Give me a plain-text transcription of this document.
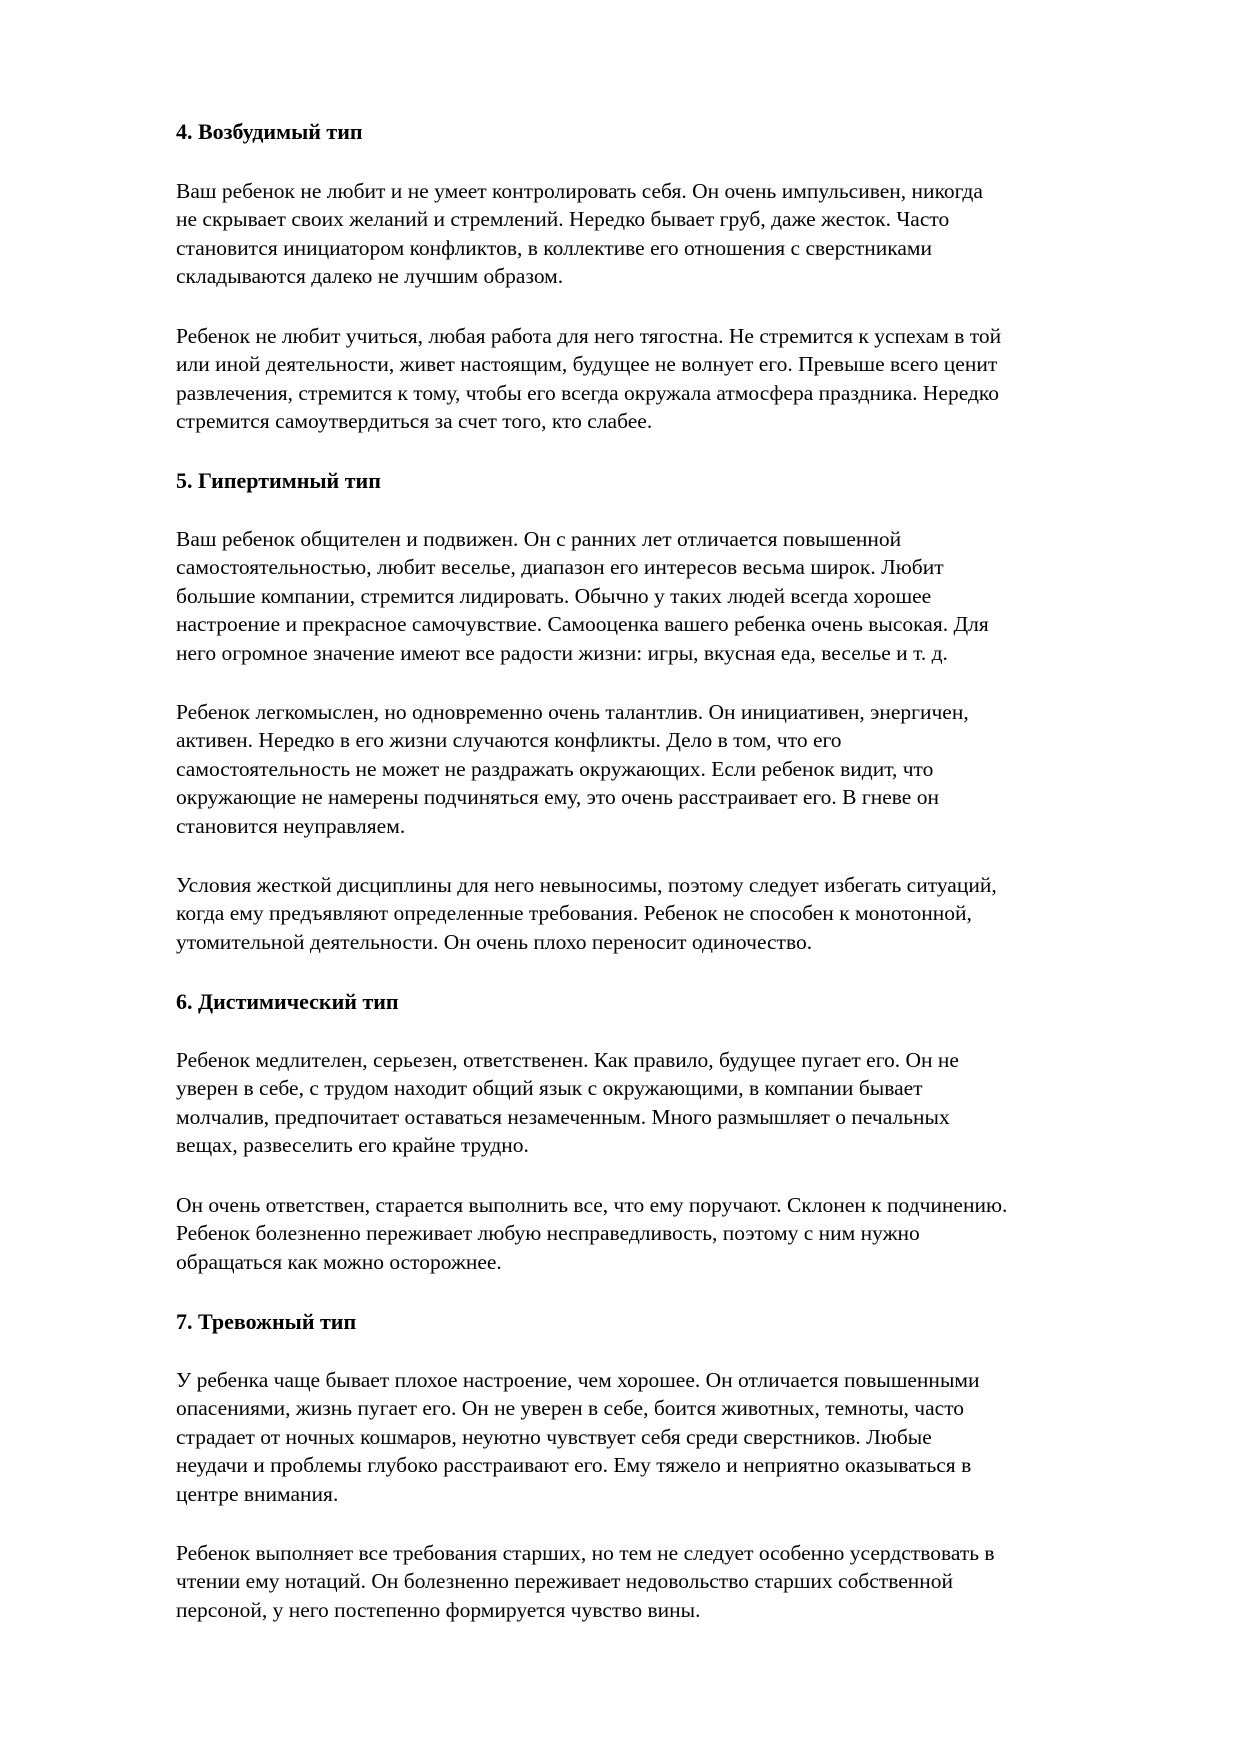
4. Возбудимый тип

Ваш ребенок не любит и не умеет контролировать себя. Он очень импульсивен, никогда
не скрывает своих желаний и стремлений. Нередко бывает груб, даже жесток. Часто
становится инициатором конфликтов, в коллективе его отношения с сверстниками
складываются далеко не лучшим образом.

Ребенок не любит учиться, любая работа для него тягостна. Не стремится к успехам в той
или иной деятельности, живет настоящим, будущее не волнует его. Превыше всего ценит
развлечения, стремится к тому, чтобы его всегда окружала атмосфера праздника. Нередко
стремится самоутвердиться за счет того, кто слабее.

5. Гипертимный тип

Ваш ребенок общителен и подвижен. Он с ранних лет отличается повышенной
самостоятельностью, любит веселье, диапазон его интересов весьма широк. Любит
большие компании, стремится лидировать. Обычно у таких людей всегда хорошее
настроение и прекрасное самочувствие. Самооценка вашего ребенка очень высокая. Для
него огромное значение имеют все радости жизни: игры, вкусная еда, веселье и т. д.

Ребенок легкомыслен, но одновременно очень талантлив. Он инициативен, энергичен,
активен. Нередко в его жизни случаются конфликты. Дело в том, что его
самостоятельность не может не раздражать окружающих. Если ребенок видит, что
окружающие не намерены подчиняться ему, это очень расстраивает его. В гневе он
становится неуправляем.

Условия жесткой дисциплины для него невыносимы, поэтому следует избегать ситуаций,
когда ему предъявляют определенные требования. Ребенок не способен к монотонной,
утомительной деятельности. Он очень плохо переносит одиночество.

6. Дистимический тип

Ребенок медлителен, серьезен, ответственен. Как правило, будущее пугает его. Он не
уверен в себе, с трудом находит общий язык с окружающими, в компании бывает
молчалив, предпочитает оставаться незамеченным. Много размышляет о печальных
вещах, развеселить его крайне трудно.

Он очень ответствен, старается выполнить все, что ему поручают. Склонен к подчинению.
Ребенок болезненно переживает любую несправедливость, поэтому с ним нужно
обращаться как можно осторожнее.

7. Тревожный тип

У ребенка чаще бывает плохое настроение, чем хорошее. Он отличается повышенными
опасениями, жизнь пугает его. Он не уверен в себе, боится животных, темноты, часто
страдает от ночных кошмаров, неуютно чувствует себя среди сверстников. Любые
неудачи и проблемы глубоко расстраивают его. Ему тяжело и неприятно оказываться в
центре внимания.

Ребенок выполняет все требования старших, но тем не следует особенно усердствовать в
чтении ему нотаций. Он болезненно переживает недовольство старших собственной
персоной, у него постепенно формируется чувство вины.
